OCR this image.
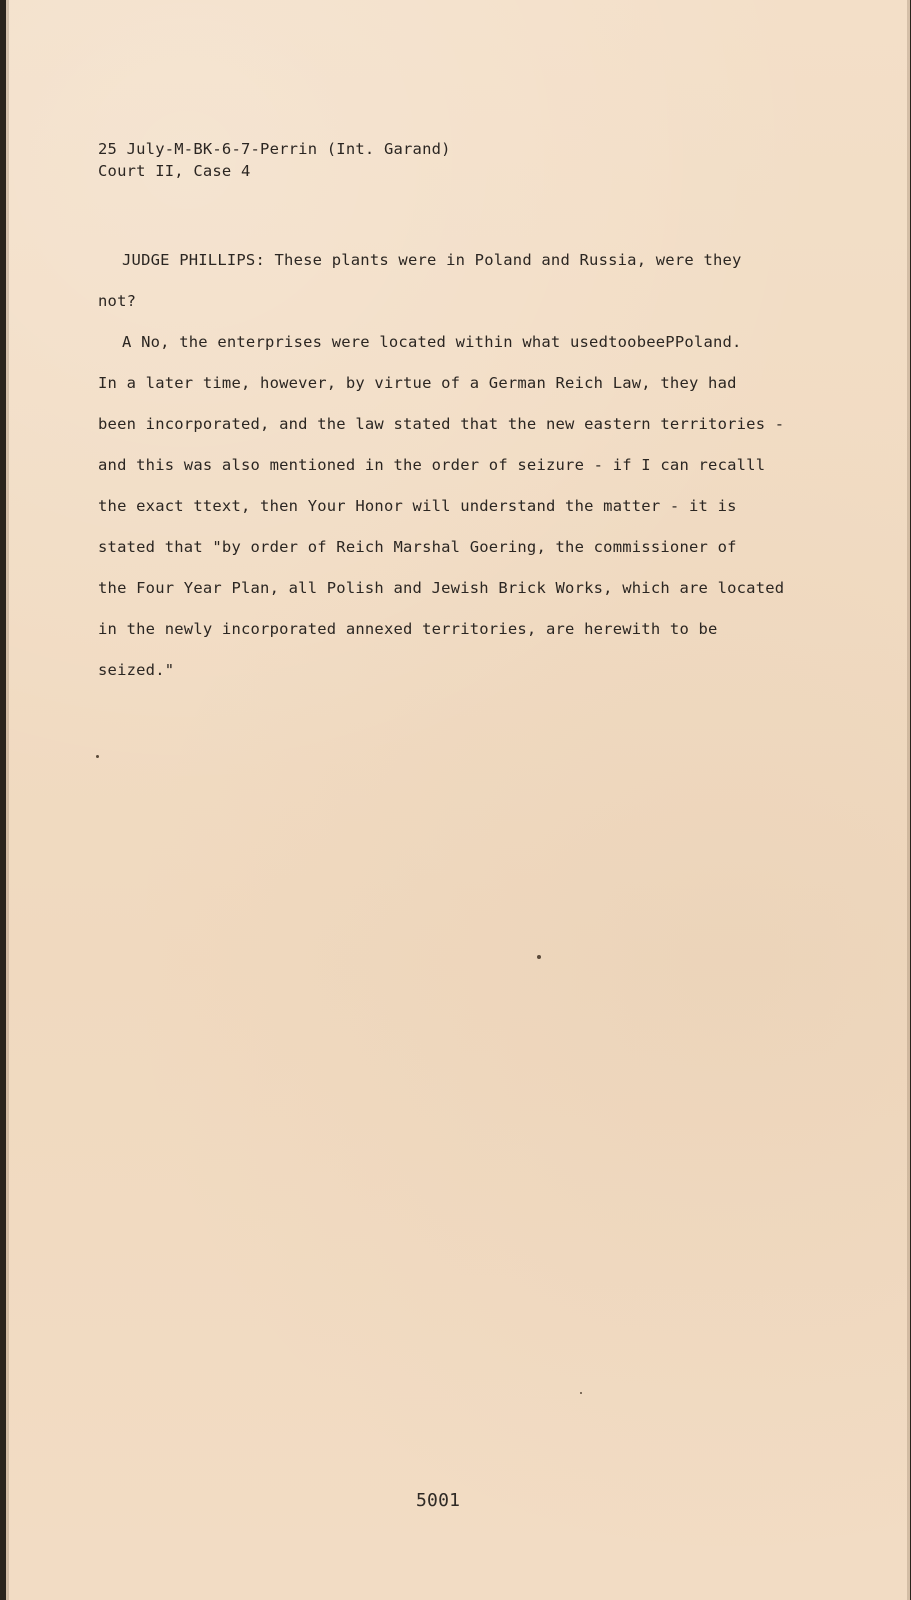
25 July-M-BK-6-7-Perrin (Int. Garand)
Court II, Case 4
JUDGE PHILLIPS: These plants were in Poland and Russia, were they
not?
A No, the enterprises were located within what usedtoobeePPoland.
In a later time, however, by virtue of a German Reich Law, they had
been incorporated, and the law stated that the new eastern territories -
and this was also mentioned in the order of seizure - if I can recalll
the exact ttext, then Your Honor will understand the matter - it is
stated that "by order of Reich Marshal Goering, the commissioner of
the Four Year Plan, all Polish and Jewish Brick Works, which are located
in the newly incorporated annexed territories, are herewith to be
seized."
5001
